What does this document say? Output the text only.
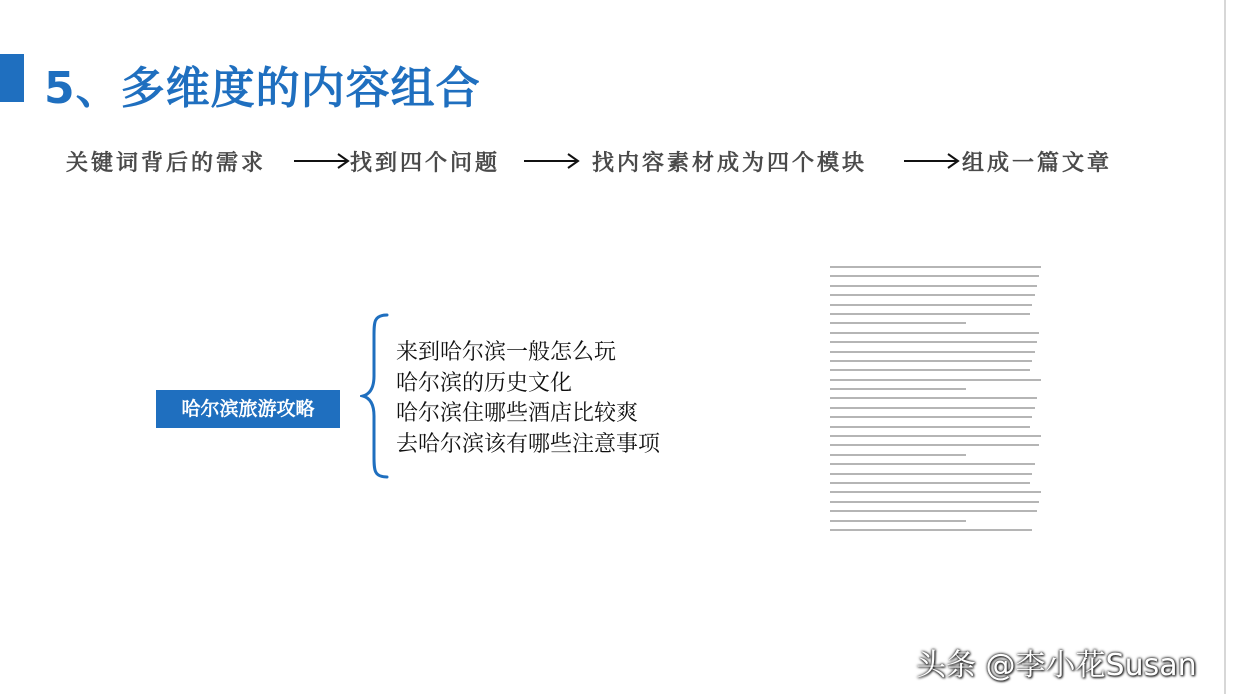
5、多维度的内容组合
关键词背后的需求	找到四个问题	找内容素材成为四个模块	组成一篇文章
哈尔滨旅游攻略
来到哈尔滨一般怎么玩
哈尔滨的历史文化
哈尔滨住哪些酒店比较爽
去哈尔滨该有哪些注意事项
头条 @李小花Susan
